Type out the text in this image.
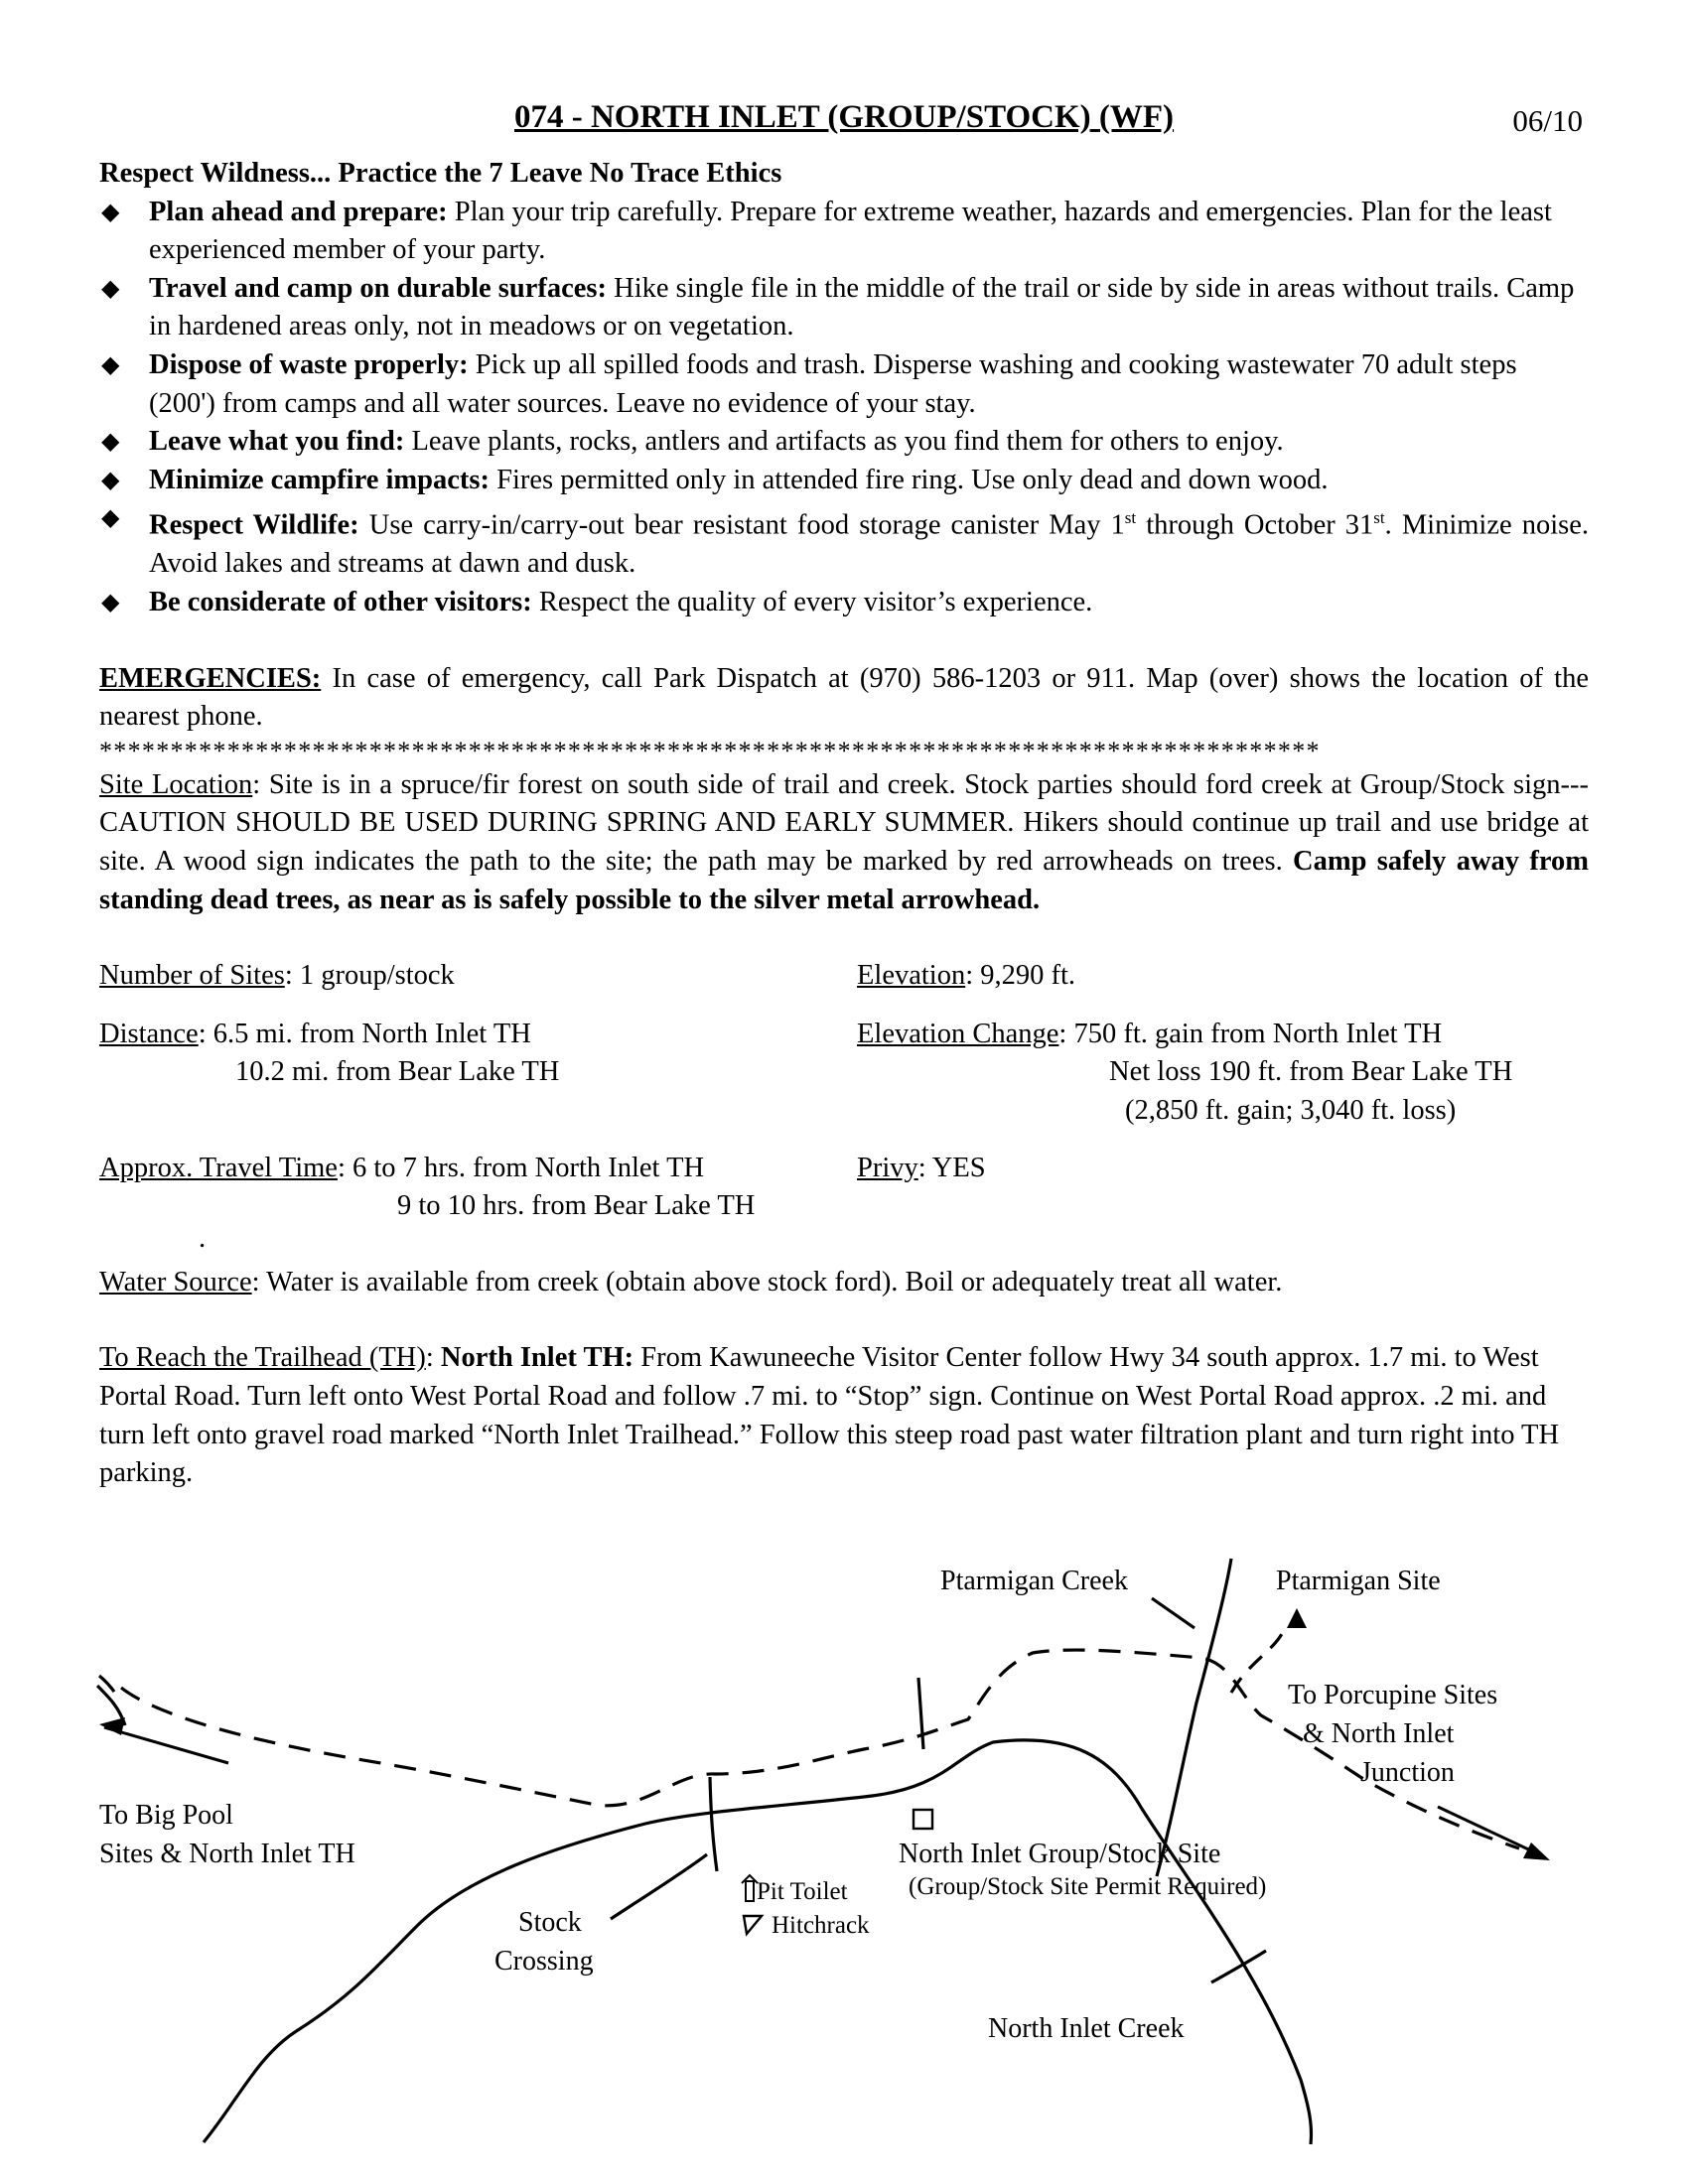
074 - NORTH INLET (GROUP/STOCK) (WF)	06/10
Respect Wildness... Practice the 7 Leave No Trace Ethics
◆ Plan ahead and prepare: Plan your trip carefully. Prepare for extreme weather, hazards and emergencies. Plan for the least experienced member of your party.
◆ Travel and camp on durable surfaces: Hike single file in the middle of the trail or side by side in areas without trails. Camp in hardened areas only, not in meadows or on vegetation.
◆ Dispose of waste properly: Pick up all spilled foods and trash. Disperse washing and cooking wastewater 70 adult steps (200') from camps and all water sources. Leave no evidence of your stay.
◆ Leave what you find: Leave plants, rocks, antlers and artifacts as you find them for others to enjoy.
◆ Minimize campfire impacts: Fires permitted only in attended fire ring. Use only dead and down wood.
◆ Respect Wildlife: Use carry-in/carry-out bear resistant food storage canister May 1st through October 31st. Minimize noise. Avoid lakes and streams at dawn and dusk.
◆ Be considerate of other visitors: Respect the quality of every visitor’s experience.
EMERGENCIES: In case of emergency, call Park Dispatch at (970) 586-1203 or 911. Map (over) shows the location of the nearest phone.
**************************************************************************************
Site Location: Site is in a spruce/fir forest on south side of trail and creek. Stock parties should ford creek at Group/Stock sign---CAUTION SHOULD BE USED DURING SPRING AND EARLY SUMMER. Hikers should continue up trail and use bridge at site. A wood sign indicates the path to the site; the path may be marked by red arrowheads on trees. Camp safely away from standing dead trees, as near as is safely possible to the silver metal arrowhead.
Number of Sites: 1 group/stock	Elevation: 9,290 ft.
Distance: 6.5 mi. from North Inlet TH
10.2 mi. from Bear Lake TH
Elevation Change: 750 ft. gain from North Inlet TH
Net loss 190 ft. from Bear Lake TH
(2,850 ft. gain; 3,040 ft. loss)
Approx. Travel Time: 6 to 7 hrs. from North Inlet TH
9 to 10 hrs. from Bear Lake TH
Privy: YES
.
Water Source: Water is available from creek (obtain above stock ford). Boil or adequately treat all water.
To Reach the Trailhead (TH): North Inlet TH: From Kawuneeche Visitor Center follow Hwy 34 south approx. 1.7 mi. to West Portal Road. Turn left onto West Portal Road and follow .7 mi. to “Stop” sign. Continue on West Portal Road approx. .2 mi. and turn left onto gravel road marked “North Inlet Trailhead.” Follow this steep road past water filtration plant and turn right into TH parking.
Ptarmigan Creek	Ptarmigan Site
To Porcupine Sites
& North Inlet
Junction
To Big Pool
Sites & North Inlet TH	North Inlet Group/Stock Site
(Group/Stock Site Permit Required)
Pit Toilet
Hitchrack
Stock
Crossing
North Inlet Creek
